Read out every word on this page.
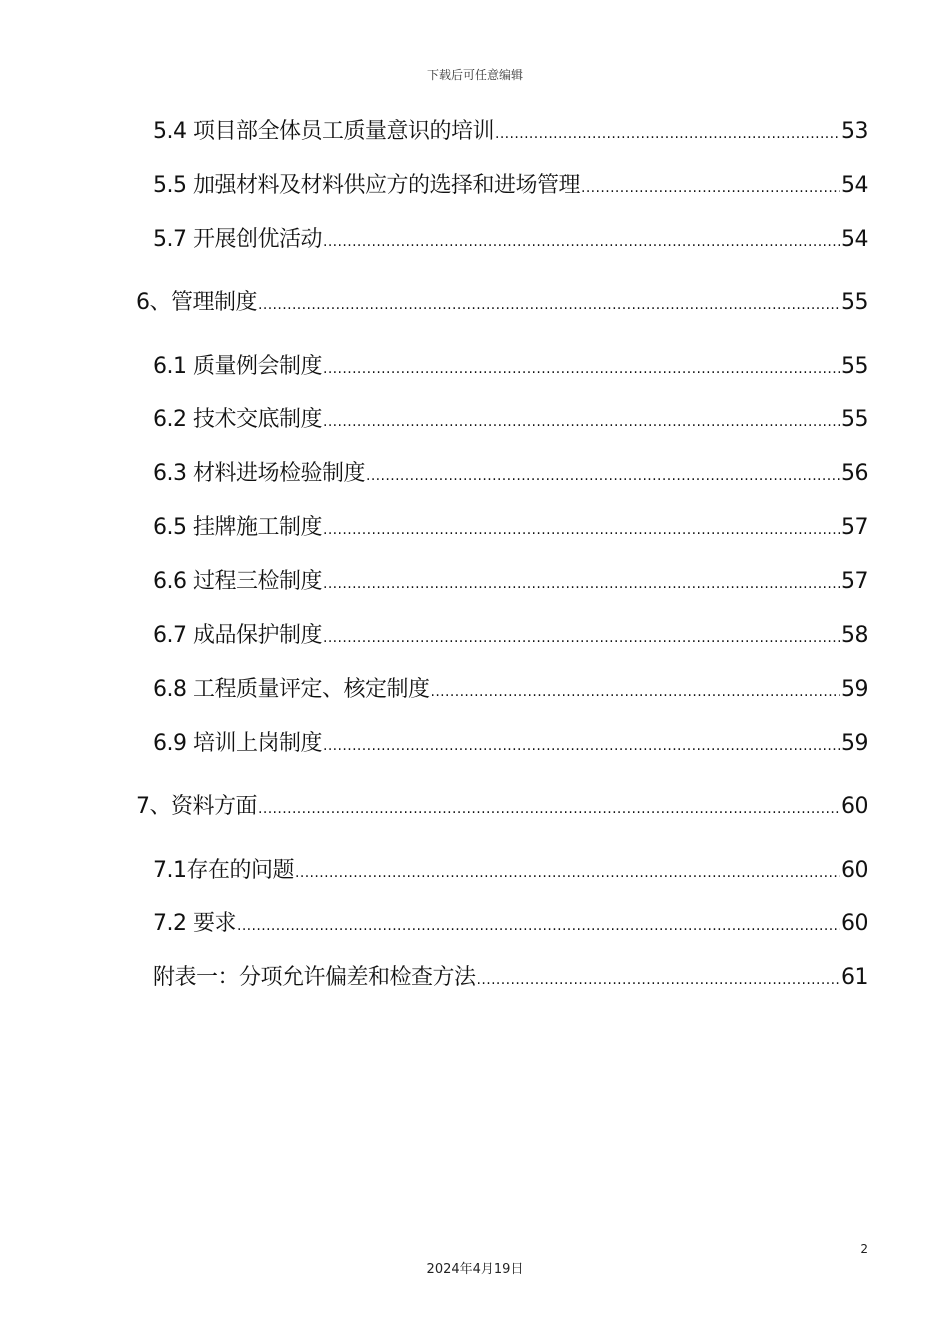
下载后可任意编辑
5.4 项目部全体员工质量意识的培训 .....	53
5.5 加强材料及材料供应方的选择和进场管理 .....	54
5.7 开展创优活动 .....	54
6、管理制度 .....	55
6.1 质量例会制度 .....	55
6.2 技术交底制度 .....	55
6.3 材料进场检验制度 .....	56
6.5 挂牌施工制度 .....	57
6.6 过程三检制度 .....	57
6.7 成品保护制度 .....	58
6.8 工程质量评定、核定制度 .....	59
6.9 培训上岗制度 .....	59
7、资料方面 .....	60
7.1存在的问题 .....	60
7.2 要求 .....	60
附表一：分项允许偏差和检查方法 .....	61
2
2024年4月19日
